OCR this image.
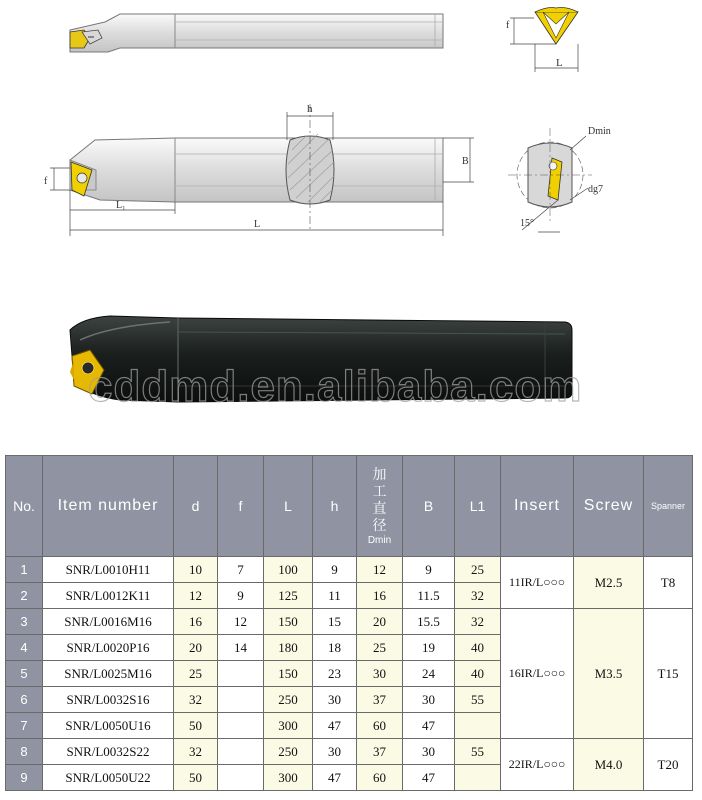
f
L
h
f
B
L₁
L
Dmin
dg7
15°
cddmd.en.alibaba.com
No.	Item number	d	f	L	h	加
工
直
径
Dmin	B	L1	Insert	Screw	Spanner
1	SNR/L0010H11	10	7	100	9	12	9	25	11IR/L○○○	M2.5	T8
2	SNR/L0012K11	12	9	125	11	16	11.5	32			
3	SNR/L0016M16	16	12	150	15	20	15.5	32	16IR/L○○○	M3.5	T15
4	SNR/L0020P16	20	14	180	18	25	19	40			
5	SNR/L0025M16	25		150	23	30	24	40			
6	SNR/L0032S16	32		250	30	37	30	55			
7	SNR/L0050U16	50		300	47	60	47				
8	SNR/L0032S22	32		250	30	37	30	55	22IR/L○○○	M4.0	T20
9	SNR/L0050U22	50		300	47	60	47				
